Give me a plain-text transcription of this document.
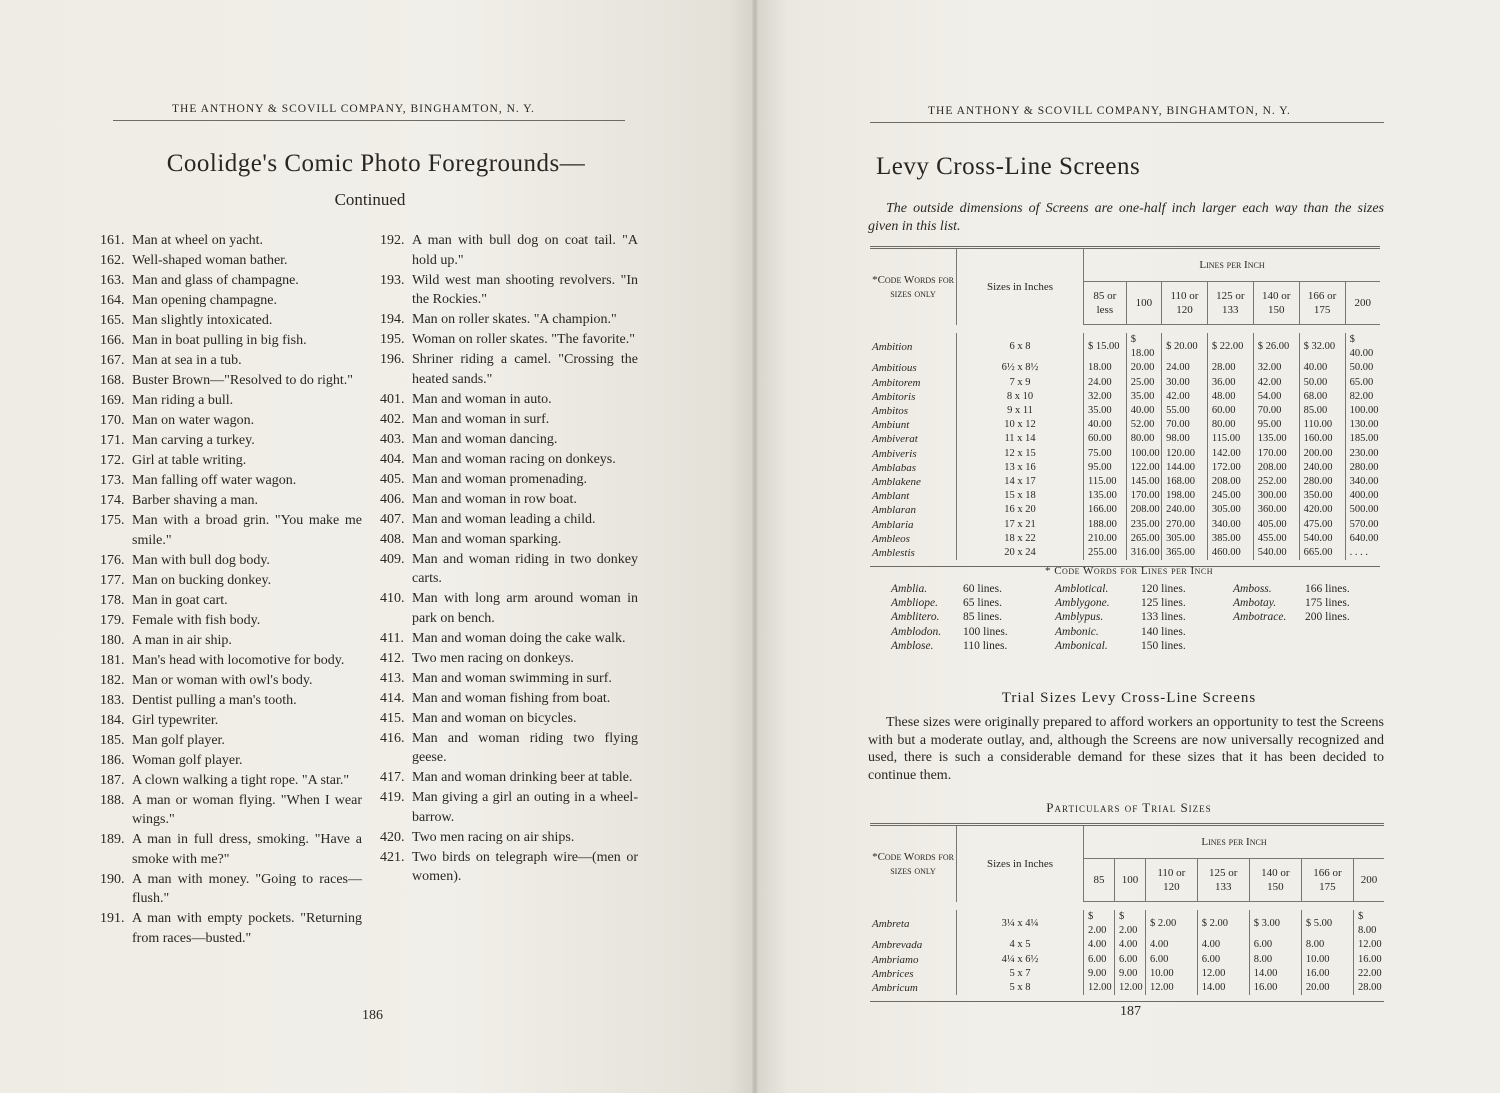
THE ANTHONY & SCOVILL COMPANY, BINGHAMTON, N. Y.
Coolidge's Comic Photo Foregrounds—
Continued
161. Man at wheel on yacht.
162. Well-shaped woman bather.
163. Man and glass of champagne.
164. Man opening champagne.
165. Man slightly intoxicated.
166. Man in boat pulling in big fish.
167. Man at sea in a tub.
168. Buster Brown—"Resolved to do right."
169. Man riding a bull.
170. Man on water wagon.
171. Man carving a turkey.
172. Girl at table writing.
173. Man falling off water wagon.
174. Barber shaving a man.
175. Man with a broad grin. "You make me smile."
176. Man with bull dog body.
177. Man on bucking donkey.
178. Man in goat cart.
179. Female with fish body.
180. A man in air ship.
181. Man's head with locomotive for body.
182. Man or woman with owl's body.
183. Dentist pulling a man's tooth.
184. Girl typewriter.
185. Man golf player.
186. Woman golf player.
187. A clown walking a tight rope. "A star."
188. A man or woman flying. "When I wear wings."
189. A man in full dress, smoking. "Have a smoke with me?"
190. A man with money. "Going to races—flush."
191. A man with empty pockets. "Returning from races—busted."
192. A man with bull dog on coat tail. "A hold up."
193. Wild west man shooting revolvers. "In the Rockies."
194. Man on roller skates. "A champion."
195. Woman on roller skates. "The favorite."
196. Shriner riding a camel. "Crossing the heated sands."
401. Man and woman in auto.
402. Man and woman in surf.
403. Man and woman dancing.
404. Man and woman racing on donkeys.
405. Man and woman promenading.
406. Man and woman in row boat.
407. Man and woman leading a child.
408. Man and woman sparking.
409. Man and woman riding in two donkey carts.
410. Man with long arm around woman in park on bench.
411. Man and woman doing the cake walk.
412. Two men racing on donkeys.
413. Man and woman swimming in surf.
414. Man and woman fishing from boat.
415. Man and woman on bicycles.
416. Man and woman riding two flying geese.
417. Man and woman drinking beer at table.
419. Man giving a girl an outing in a wheel-barrow.
420. Two men racing on air ships.
421. Two birds on telegraph wire—(men or women).
186
THE ANTHONY & SCOVILL COMPANY, BINGHAMTON, N. Y.
Levy Cross-Line Screens
The outside dimensions of Screens are one-half inch larger each way than the sizes given in this list.
*Code Words for sizes only	Sizes in Inches	Lines per Inch						
		85 or less	100	110 or 120	125 or 133	140 or 150	166 or 175	200

Ambition	6 x 8	$ 15.00	$ 18.00	$ 20.00	$ 22.00	$ 26.00	$ 32.00	$ 40.00
Ambitious	6½ x 8½	18.00	20.00	24.00	28.00	32.00	40.00	50.00
Ambitorem	7 x 9	24.00	25.00	30.00	36.00	42.00	50.00	65.00
Ambitoris	8 x 10	32.00	35.00	42.00	48.00	54.00	68.00	82.00
Ambitos	9 x 11	35.00	40.00	55.00	60.00	70.00	85.00	100.00
Ambiunt	10 x 12	40.00	52.00	70.00	80.00	95.00	110.00	130.00
Ambiverat	11 x 14	60.00	80.00	98.00	115.00	135.00	160.00	185.00
Ambiveris	12 x 15	75.00	100.00	120.00	142.00	170.00	200.00	230.00
Amblabas	13 x 16	95.00	122.00	144.00	172.00	208.00	240.00	280.00
Amblakene	14 x 17	115.00	145.00	168.00	208.00	252.00	280.00	340.00
Amblant	15 x 18	135.00	170.00	198.00	245.00	300.00	350.00	400.00
Amblaran	16 x 20	166.00	208.00	240.00	305.00	360.00	420.00	500.00
Amblaria	17 x 21	188.00	235.00	270.00	340.00	405.00	475.00	570.00
Ambleos	18 x 22	210.00	265.00	305.00	385.00	455.00	540.00	640.00
Amblestis	20 x 24	255.00	316.00	365.00	460.00	540.00	665.00	. . . .

* Code Words for Lines per Inch
Amblia.	60 lines.
Ambliope.	65 lines.
Amblitero.	85 lines.
Amblodon.	100 lines.
Amblose.	110 lines.
Amblotical.	120 lines.
Amblygone.	125 lines.
Amblypus.	133 lines.
Ambonic.	140 lines.
Ambonical.	150 lines.
Amboss.	166 lines.
Ambotay.	175 lines.
Ambotrace.	200 lines.
Trial Sizes Levy Cross-Line Screens
These sizes were originally prepared to afford workers an opportunity to test the Screens with but a moderate outlay, and, although the Screens are now universally recognized and used, there is such a considerable demand for these sizes that it has been decided to continue them.
Particulars of Trial Sizes
*Code Words for sizes only	Sizes in Inches	Lines per Inch						
		85	100	110 or 120	125 or 133	140 or 150	166 or 175	200

Ambreta	3¼ x 4¼	$ 2.00	$ 2.00	$ 2.00	$ 2.00	$ 3.00	$ 5.00	$ 8.00
Ambrevada	4 x 5	4.00	4.00	4.00	4.00	6.00	8.00	12.00
Ambriamo	4¼ x 6½	6.00	6.00	6.00	6.00	8.00	10.00	16.00
Ambrices	5 x 7	9.00	9.00	10.00	12.00	14.00	16.00	22.00
Ambricum	5 x 8	12.00	12.00	12.00	14.00	16.00	20.00	28.00

187
